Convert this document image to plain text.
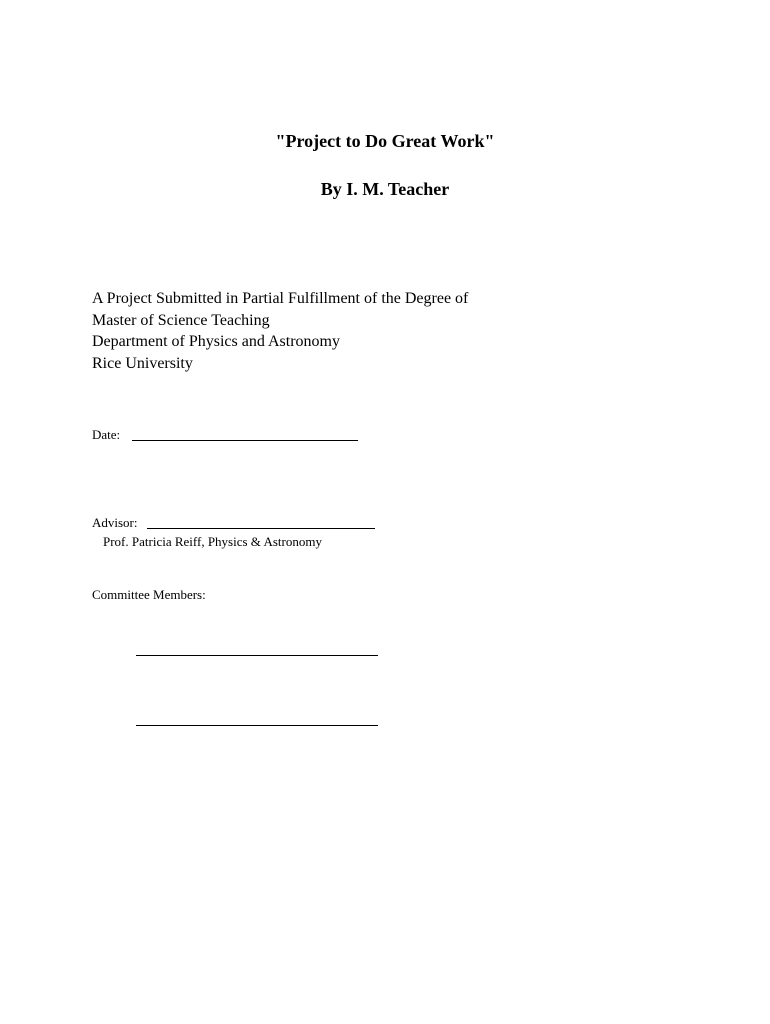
"Project to Do Great Work"
By I. M. Teacher
A Project Submitted in Partial Fulfillment of the Degree of
Master of Science Teaching
Department of Physics and Astronomy
Rice University
Date:
Advisor:
Prof. Patricia Reiff, Physics & Astronomy
Committee Members:
